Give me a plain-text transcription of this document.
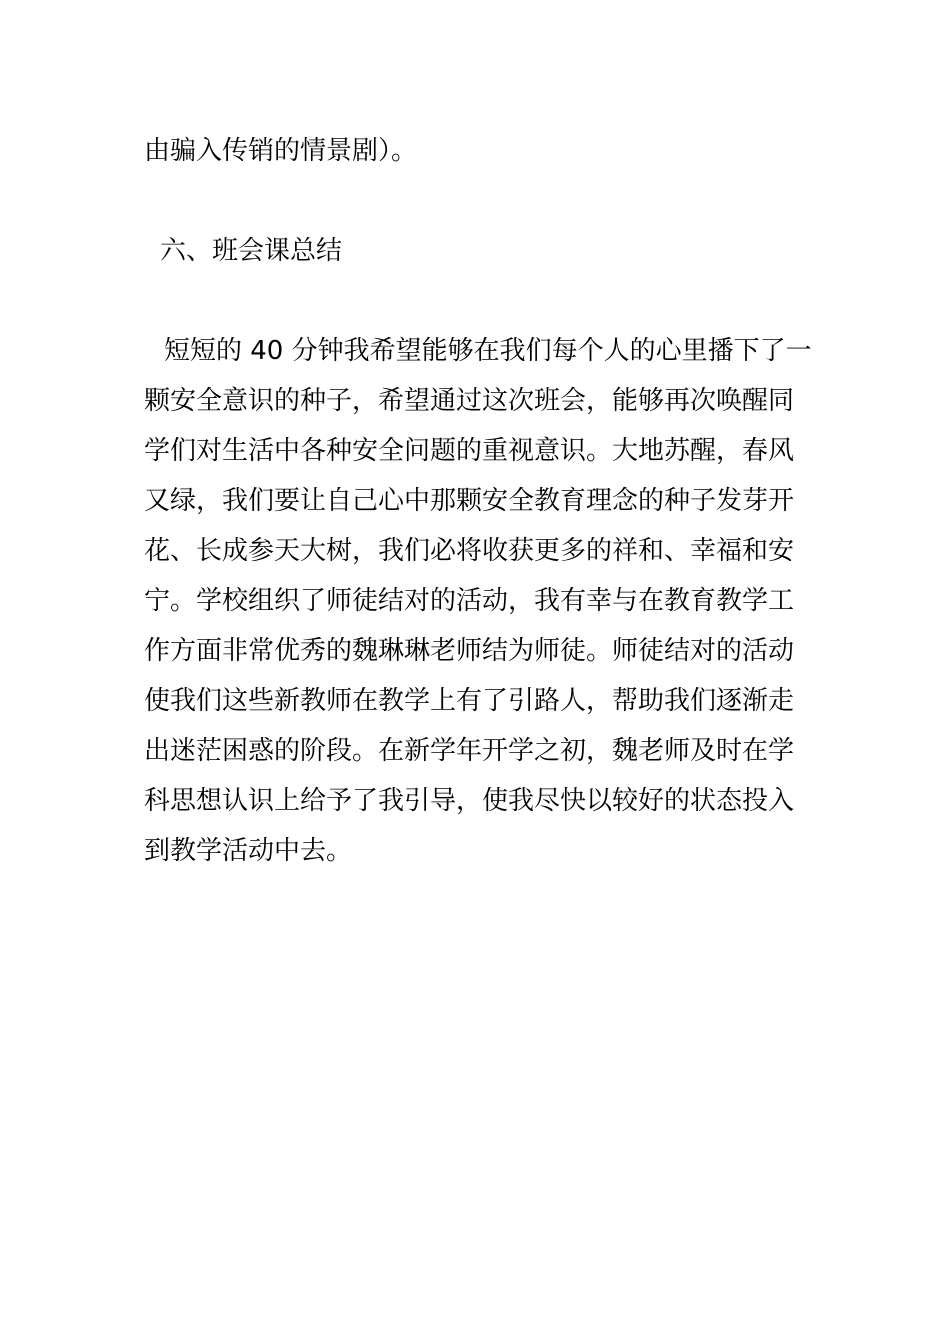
由骗入传销的情景剧）。
六、班会课总结
短短的 40 分钟我希望能够在我们每个人的心里播下了一
颗安全意识的种子，希望通过这次班会，能够再次唤醒同
学们对生活中各种安全问题的重视意识。大地苏醒，春风
又绿，我们要让自己心中那颗安全教育理念的种子发芽开
花、长成参天大树，我们必将收获更多的祥和、幸福和安
宁。学校组织了师徒结对的活动，我有幸与在教育教学工
作方面非常优秀的魏琳琳老师结为师徒。师徒结对的活动
使我们这些新教师在教学上有了引路人，帮助我们逐渐走
出迷茫困惑的阶段。在新学年开学之初，魏老师及时在学
科思想认识上给予了我引导，使我尽快以较好的状态投入
到教学活动中去。
